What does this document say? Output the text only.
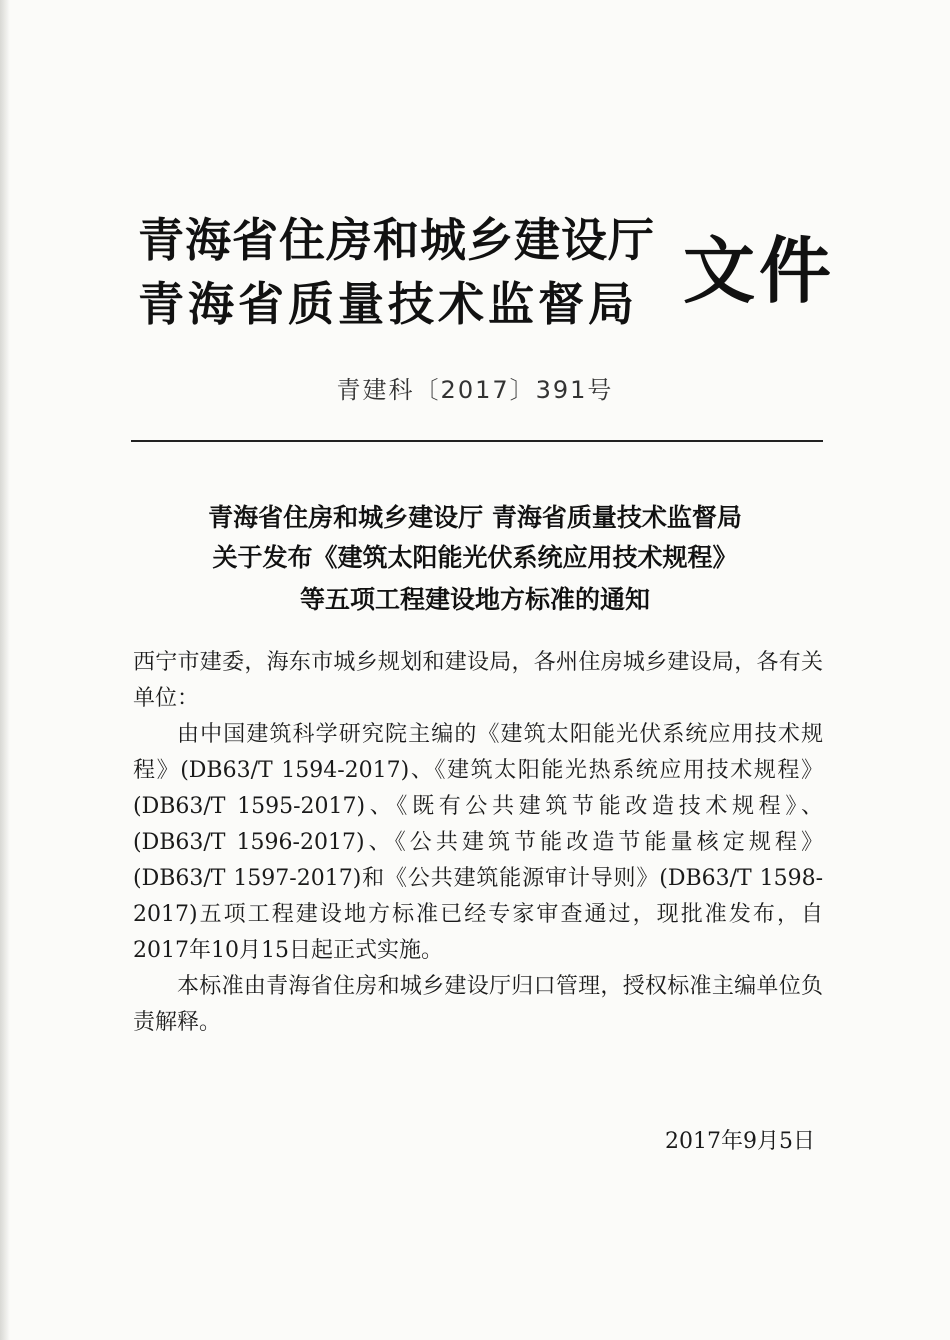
青海省住房和城乡建设厅
青海省质量技术监督局 文件
青建科〔2017〕391号
青海省住房和城乡建设厅 青海省质量技术监督局
关于发布《建筑太阳能光伏系统应用技术规程》
等五项工程建设地方标准的通知

西宁市建委，海东市城乡规划和建设局，各州住房城乡建设局，各有关单位：

由中国建筑科学研究院主编的《建筑太阳能光伏系统应用技术规程》(DB63/T 1594-2017)、《建筑太阳能光热系统应用技术规程》(DB63/T 1595-2017)、《既有公共建筑节能改造技术规程》、(DB63/T 1596-2017)、《公共建筑节能改造节能量核定规程》(DB63/T 1597-2017)和《公共建筑能源审计导则》(DB63/T 1598-2017)五项工程建设地方标准已经专家审查通过，现批准发布，自2017年10月15日起正式实施。

本标准由青海省住房和城乡建设厅归口管理，授权标准主编单位负责解释。

2017年9月5日
